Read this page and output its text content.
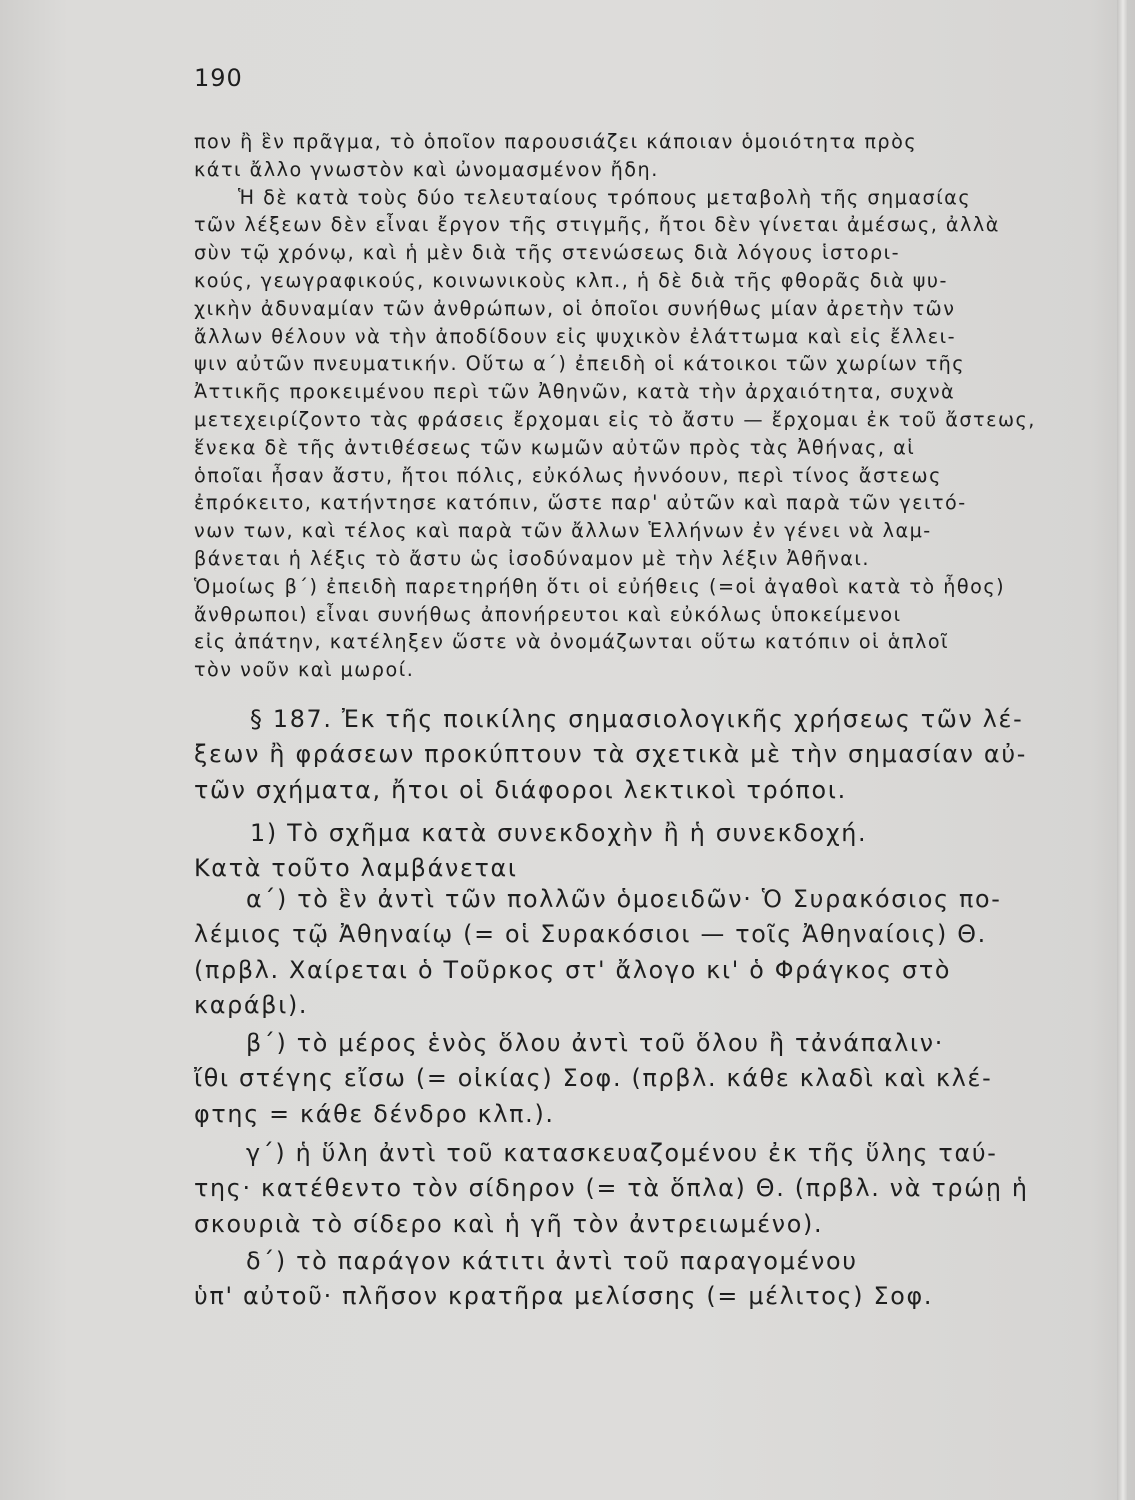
190

πον ἢ ἓν πρᾶγμα, τὸ ὁποῖον παρουσιάζει κάποιαν ὁμοιότητα πρὸς
κάτι ἄλλο γνωστὸν καὶ ὠνομασμένον ἤδη.
Ἡ δὲ κατὰ τοὺς δύο τελευταίους τρόπους μεταβολὴ τῆς σημασίας
τῶν λέξεων δὲν εἶναι ἔργον τῆς στιγμῆς, ἤτοι δὲν γίνεται ἀμέσως, ἀλλὰ
σὺν τῷ χρόνῳ, καὶ ἡ μὲν διὰ τῆς στενώσεως διὰ λόγους ἱστορι-
κούς, γεωγραφικούς, κοινωνικοὺς κλπ., ἡ δὲ διὰ τῆς φθορᾶς διὰ ψυ-
χικὴν ἀδυναμίαν τῶν ἀνθρώπων, οἱ ὁποῖοι συνήθως μίαν ἀρετὴν τῶν
ἄλλων θέλουν νὰ τὴν ἀποδίδουν εἰς ψυχικὸν ἐλάττωμα καὶ εἰς ἔλλει-
ψιν αὐτῶν πνευματικήν. Οὕτω α΄) ἐπειδὴ οἱ κάτοικοι τῶν χωρίων τῆς
Ἀττικῆς προκειμένου περὶ τῶν Ἀθηνῶν, κατὰ τὴν ἀρχαιότητα, συχνὰ
μετεχειρίζοντο τὰς φράσεις ἔρχομαι εἰς τὸ ἄστυ — ἔρχομαι ἐκ τοῦ ἄστεως,
ἕνεκα δὲ τῆς ἀντιθέσεως τῶν κωμῶν αὐτῶν πρὸς τὰς Ἀθήνας, αἱ
ὁποῖαι ἦσαν ἄστυ, ἤτοι πόλις, εὐκόλως ἠννόουν, περὶ τίνος ἄστεως
ἐπρόκειτο, κατήντησε κατόπιν, ὥστε παρ' αὐτῶν καὶ παρὰ τῶν γειτό-
νων των, καὶ τέλος καὶ παρὰ τῶν ἄλλων Ἑλλήνων ἐν γένει νὰ λαμ-
βάνεται ἡ λέξις τὸ ἄστυ ὡς ἰσοδύναμον μὲ τὴν λέξιν Ἀθῆναι.
Ὁμοίως β΄) ἐπειδὴ παρετηρήθη ὅτι οἱ εὐήθεις (=οἱ ἀγαθοὶ κατὰ τὸ ἦθος)
ἄνθρωποι) εἶναι συνήθως ἀπονήρευτοι καὶ εὐκόλως ὑποκείμενοι
εἰς ἀπάτην, κατέληξεν ὥστε νὰ ὀνομάζωνται οὕτω κατόπιν οἱ ἁπλοῖ
τὸν νοῦν καὶ μωροί.

§ 187. Ἐκ τῆς ποικίλης σημασιολογικῆς χρήσεως τῶν λέ-
ξεων ἢ φράσεων προκύπτουν τὰ σχετικὰ μὲ τὴν σημασίαν αὐ-
τῶν σχήματα, ἤτοι οἱ διάφοροι λεκτικοὶ τρόποι.

1) Τὸ σχῆμα κατὰ συνεκδοχὴν ἢ ἡ συνεκδοχή.
Κατὰ τοῦτο λαμβάνεται

α΄) τὸ ἓν ἀντὶ τῶν πολλῶν ὁμοειδῶν· Ὁ Συρακόσιος πο-
λέμιος τῷ Ἀθηναίῳ (= οἱ Συρακόσιοι — τοῖς Ἀθηναίοις) Θ.
(πρβλ. Χαίρεται ὁ Τοῦρκος στ' ἄλογο κι' ὁ Φράγκος στὸ
καράβι).

β΄) τὸ μέρος ἑνὸς ὅλου ἀντὶ τοῦ ὅλου ἢ τἀνάπαλιν·
ἴθι στέγης εἴσω (= οἰκίας) Σοφ. (πρβλ. κάθε κλαδὶ καὶ κλέ-
φτης = κάθε δένδρο κλπ.).

γ΄) ἡ ὕλη ἀντὶ τοῦ κατασκευαζομένου ἐκ τῆς ὕλης ταύ-
της· κατέθεντο τὸν σίδηρον (= τὰ ὅπλα) Θ. (πρβλ. νὰ τρώῃ ἡ
σκουριὰ τὸ σίδερο καὶ ἡ γῆ τὸν ἀντρειωμένο).

δ΄) τὸ παράγον κάτιτι ἀντὶ τοῦ παραγομένου
ὑπ' αὐτοῦ· πλῆσον κρατῆρα μελίσσης (= μέλιτος) Σοφ.
